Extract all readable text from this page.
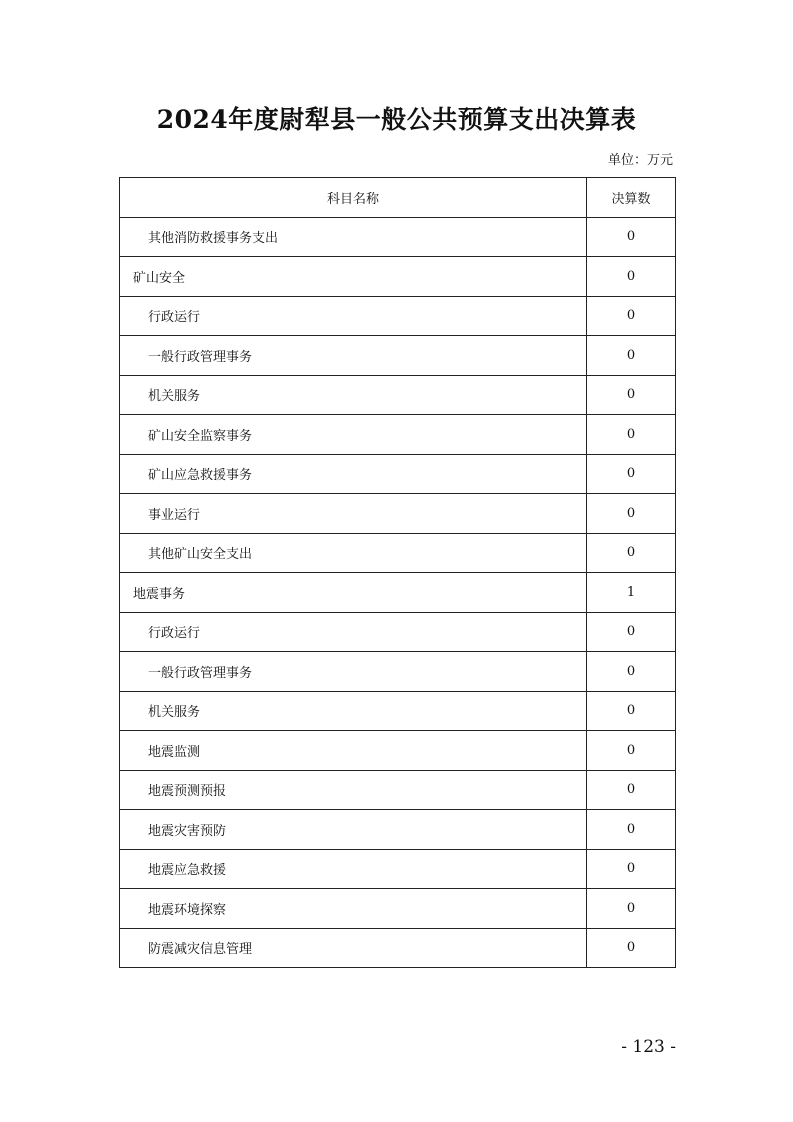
2024年度尉犁县一般公共预算支出决算表
单位：万元
科目名称	决算数
其他消防救援事务支出	0
矿山安全	0
行政运行	0
一般行政管理事务	0
机关服务	0
矿山安全监察事务	0
矿山应急救援事务	0
事业运行	0
其他矿山安全支出	0
地震事务	1
行政运行	0
一般行政管理事务	0
机关服务	0
地震监测	0
地震预测预报	0
地震灾害预防	0
地震应急救援	0
地震环境探察	0
防震减灾信息管理	0
- 123 -
